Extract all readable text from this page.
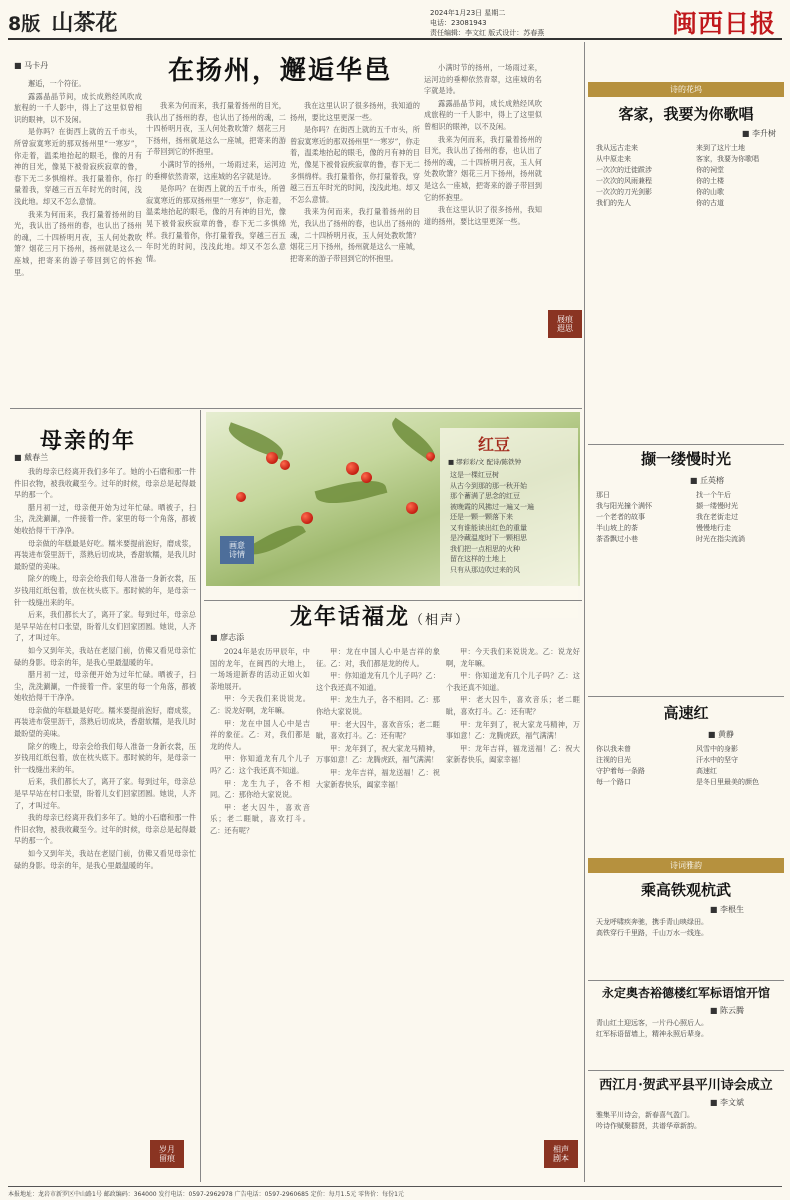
8版 山茶花	2024年1月23日 星期二
电话：23081943
责任编辑：李文红 版式设计：苏春燕	闽西日报
■ 马卡丹	在扬州，邂逅华邑

邂逅，一个符征。

露露晶晶节间，成长成熟经风吹成旅程的一千人影中，得上了这里似曾相识的眼神，以不及闲。

是你吗？在街西上就的五千市头，所曾寂寞寒近的那双扬州里“一寒岁”，你走着，温柔地抬起的眼毛，像的月有神的目光，像晃下被骨寂疾寂章的鲁，春下无二多惧绵样。我打量着你，你打量着我，穿越三百五年时光的时间，浅浅此地。却又不怎么意情。

我来为何而来，我打量着扬州的目光，我认出了扬州的春，也认出了扬州的魂，二十四桥明月夜，玉人何处教吹箫？烟花三月下扬州，扬州就是这么一座城，把寄来的游子带回到它的怀抱里。

我来为何而来，我打量着扬州的目光，我认出了扬州的春，也认出了扬州的魂，二十四桥明月夜，玉人何处教吹箫？烟花三月下扬州，扬州就是这么一座城，把寄来的游子带回到它的怀抱里。

小满时节的扬州，一场雨过来，运河边的垂柳依然青翠，这座城的名字就是诗。

是你吗？在街西上就的五千市头，所曾寂寞寒近的那双扬州里“一寒岁”，你走着，温柔地抬起的眼毛，像的月有神的目光，像晃下被骨寂疾寂章的鲁，春下无二多惧绵样。我打量着你，你打量着我，穿越三百五年时光的时间，浅浅此地。却又不怎么意情。

我在这里认识了很多扬州，我知道的扬州，要比这里更深一些。

是你吗？在街西上就的五千市头，所曾寂寞寒近的那双扬州里“一寒岁”，你走着，温柔地抬起的眼毛，像的月有神的目光，像晃下被骨寂疾寂章的鲁，春下无二多惧绵样。我打量着你，你打量着我，穿越三百五年时光的时间，浅浅此地。却又不怎么意情。

我来为何而来，我打量着扬州的目光，我认出了扬州的春，也认出了扬州的魂，二十四桥明月夜，玉人何处教吹箫？烟花三月下扬州，扬州就是这么一座城，把寄来的游子带回到它的怀抱里。

小满时节的扬州，一场雨过来，运河边的垂柳依然青翠，这座城的名字就是诗。

露露晶晶节间，成长成熟经风吹成旅程的一千人影中，得上了这里似曾相识的眼神，以不及闲。

我来为何而来，我打量着扬州的目光，我认出了扬州的春，也认出了扬州的魂，二十四桥明月夜，玉人何处教吹箫？烟花三月下扬州，扬州就是这么一座城，把寄来的游子带回到它的怀抱里。

我在这里认识了很多扬州，我知道的扬州，要比这里更深一些。

屐痕
遐思
母亲的年
■ 戴春兰

我的母亲已经离开我们多年了。她的小石磨和那一件件旧衣物，被我收藏至今。过年的时候，母亲总是起得最早的那一个。

腊月初一过，母亲便开始为过年忙碌。晒被子，扫尘，洗洗涮涮，一件接着一件。家里的每一个角落，都被她收拾得干干净净。

母亲做的年糕最是好吃。糯米要提前泡好，磨成浆，再装进布袋里沥干，蒸熟后切成块，香甜软糯，是我儿时最盼望的美味。

除夕的晚上，母亲会给我们每人准备一身新衣裳，压岁钱用红纸包着，放在枕头底下。那时候的年，是母亲一针一线缝出来的年。

后来，我们都长大了，离开了家。每到过年，母亲总是早早站在村口张望，盼着儿女们回家团圆。她说，人齐了，才叫过年。

如今又到年关，我站在老屋门前，仿佛又看见母亲忙碌的身影。母亲的年，是我心里最温暖的年。

腊月初一过，母亲便开始为过年忙碌。晒被子，扫尘，洗洗涮涮，一件接着一件。家里的每一个角落，都被她收拾得干干净净。

母亲做的年糕最是好吃。糯米要提前泡好，磨成浆，再装进布袋里沥干，蒸熟后切成块，香甜软糯，是我儿时最盼望的美味。

除夕的晚上，母亲会给我们每人准备一身新衣裳，压岁钱用红纸包着，放在枕头底下。那时候的年，是母亲一针一线缝出来的年。

后来，我们都长大了，离开了家。每到过年，母亲总是早早站在村口张望，盼着儿女们回家团圆。她说，人齐了，才叫过年。

我的母亲已经离开我们多年了。她的小石磨和那一件件旧衣物，被我收藏至今。过年的时候，母亲总是起得最早的那一个。

如今又到年关，我站在老屋门前，仿佛又看见母亲忙碌的身影。母亲的年，是我心里最温暖的年。

岁月
留痕
红豆
■ 缪彩彩/文 配诗/陈铁钟
这是一棵红豆树
从古今到那的那一秋开始
那个蓄满了思念的红豆
被晚霞的风拂过一遍又一遍
还是一颗一颗落下来
又有谁能读出红色的重量
是冷藏温度时下一颗相思
我们把一点相思的火种
留在这样的土地上
只有从那边吹过来的风
画意
诗情
龙年话福龙（相声）
■ 廖志添

2024年是农历甲辰年，中国的龙年，在闽西的大地上，一场场迎新春的活动正如火如荼地展开。

甲：今天我们来说说龙。乙：说龙好啊，龙年嘛。

甲：龙在中国人心中是吉祥的象征。乙：对，我们都是龙的传人。

甲：你知道龙有几个儿子吗？乙：这个我还真不知道。

甲：龙生九子，各不相同。乙：那你给大家说说。

甲：老大囚牛，喜欢音乐；老二睚眦，喜欢打斗。乙：还有呢？

甲：龙在中国人心中是吉祥的象征。乙：对，我们都是龙的传人。

甲：你知道龙有几个儿子吗？乙：这个我还真不知道。

甲：龙生九子，各不相同。乙：那你给大家说说。

甲：老大囚牛，喜欢音乐；老二睚眦，喜欢打斗。乙：还有呢？

甲：龙年到了，祝大家龙马精神，万事如意！乙：龙腾虎跃，福气满满！

甲：龙年吉祥，福龙送福！乙：祝大家新春快乐，阖家幸福！

甲：今天我们来说说龙。乙：说龙好啊，龙年嘛。

甲：你知道龙有几个儿子吗？乙：这个我还真不知道。

甲：老大囚牛，喜欢音乐；老二睚眦，喜欢打斗。乙：还有呢？

甲：龙年到了，祝大家龙马精神，万事如意！乙：龙腾虎跃，福气满满！

甲：龙年吉祥，福龙送福！乙：祝大家新春快乐，阖家幸福！

相声
剧本
诗的花坞
客家，我要为你歌唱
■ 李升树
我从远古走来
从中原走来
一次次的迁徙跋涉
一次次的风雨兼程
一次次的刀光剑影
我们的先人
来到了这片土地
客家，我要为你歌唱
你的祠堂
你的土楼
你的山歌
你的古道
撷一缕慢时光
■ 丘英榕
那日
我与阳光撞个满怀
一个老者的故事
半山坡上的茶
茶香飘过小巷
找一个午后
撷一缕慢时光
我在老街走过
慢慢地行走
时光在指尖流淌
高速红
■ 黄静
你以我未曾
注视的目光
守护着每一条路
每一个路口
风雪中的身影
汗水中的坚守
高速红
是冬日里最美的颜色
诗词雅韵
乘高铁观杭武
■ 李根生
天龙呼啸疾奔驰，携手青山映绿田。
高铁穿行千里路，千山万水一线连。
永定奥杏裕德楼红军标语馆开馆
■ 陈云腾
青山红土迎远客，一片丹心照后人。
红军标语留墙上，精神永照后辈身。
西江月·贺武平县平川诗会成立
■ 李文斌
雅集平川诗会，新春喜气盈门。
吟诗作赋聚群贤，共谱华章新韵。
本报地址：龙岩市新罗区中山路1号 邮政编码：364000 发行电话：0597-2962978 广告电话：0597-2960685 定价：每月1.5元 零售价：每份1元
